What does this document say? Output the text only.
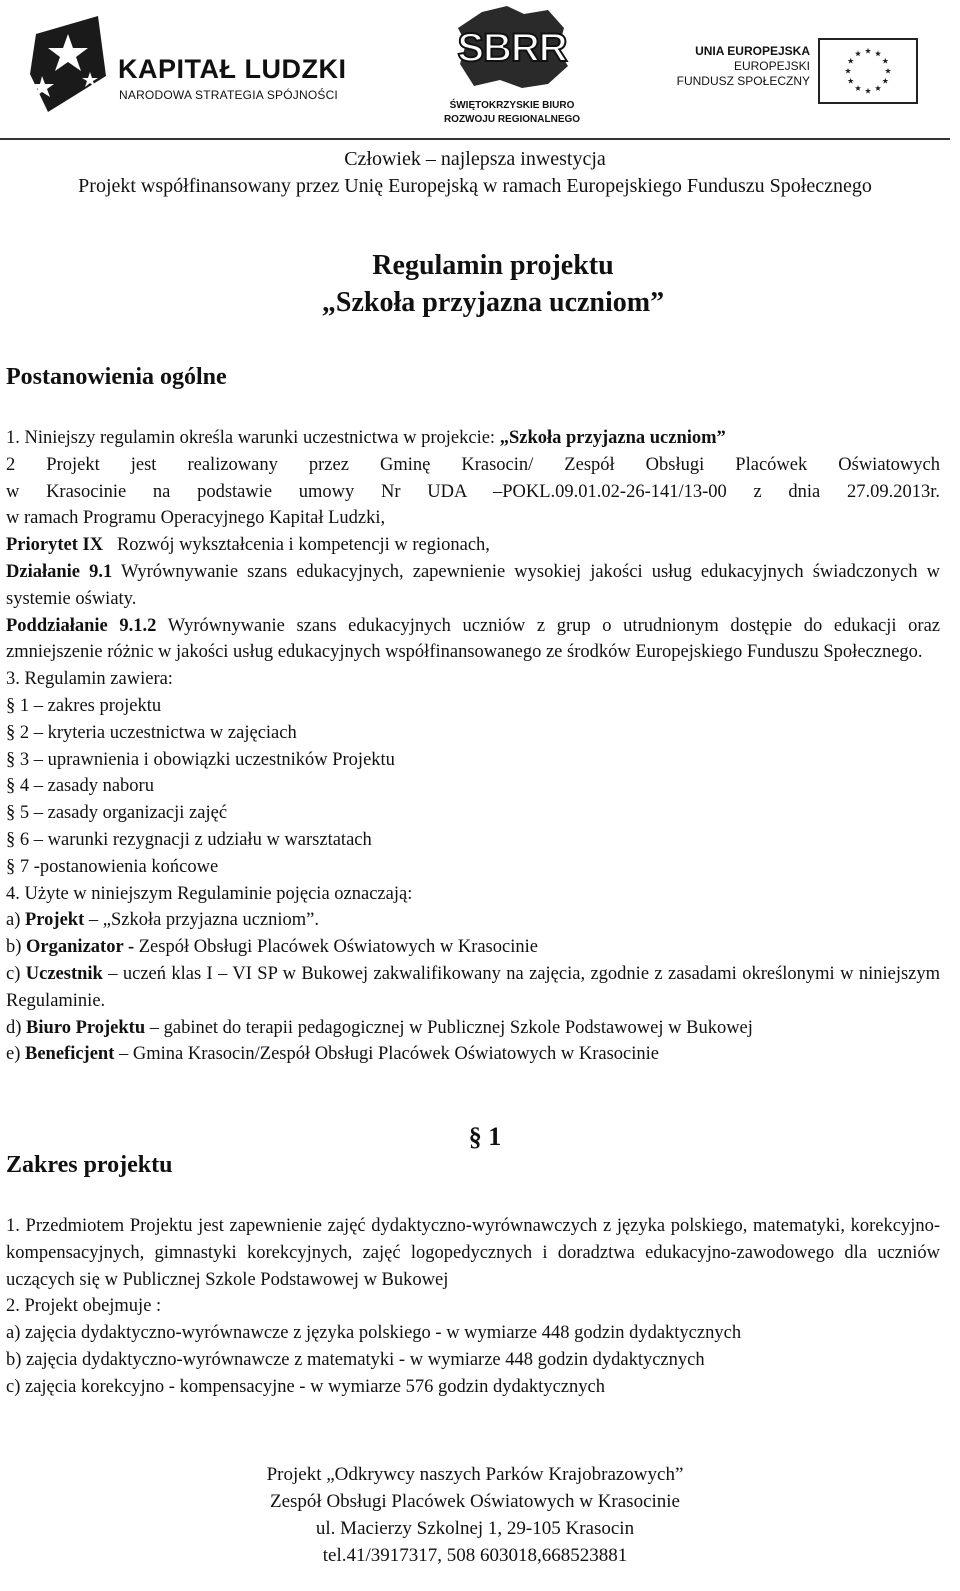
KAPITAŁ LUDZKI
NARODOWA STRATEGIA SPÓJNOŚCI
SBRR
ŚWIĘTOKRZYSKIE BIURO
ROZWOJU REGIONALNEGO
UNIA EUROPEJSKA
EUROPEJSKI
FUNDUSZ SPOŁECZNY
Człowiek – najlepsza inwestycja
Projekt współfinansowany przez Unię Europejską w ramach Europejskiego Funduszu Społecznego
Regulamin projektu
„Szkoła przyjazna uczniom”
Postanowienia ogólne

1. Niniejszy regulamin określa warunki uczestnictwa w projekcie: „Szkoła przyjazna uczniom”

2 Projekt jest realizowany przez Gminę Krasocin/ Zespół Obsługi Placówek Oświatowych

w Krasocinie na podstawie umowy Nr UDA –POKL.09.01.02-26-141/13-00 z dnia 27.09.2013r.

w ramach Programu Operacyjnego Kapitał Ludzki,

Priorytet IX Rozwój wykształcenia i kompetencji w regionach,

Działanie 9.1 Wyrównywanie szans edukacyjnych, zapewnienie wysokiej jakości usług edukacyjnych świadczonych w systemie oświaty.

Poddziałanie 9.1.2 Wyrównywanie szans edukacyjnych uczniów z grup o utrudnionym dostępie do edukacji oraz zmniejszenie różnic w jakości usług edukacyjnych współfinansowanego ze środków Europejskiego Funduszu Społecznego.

3. Regulamin zawiera:

§ 1 – zakres projektu

§ 2 – kryteria uczestnictwa w zajęciach

§ 3 – uprawnienia i obowiązki uczestników Projektu

§ 4 – zasady naboru

§ 5 – zasady organizacji zajęć

§ 6 – warunki rezygnacji z udziału w warsztatach

§ 7 -postanowienia końcowe

4. Użyte w niniejszym Regulaminie pojęcia oznaczają:

a) Projekt – „Szkoła przyjazna uczniom”.

b) Organizator - Zespół Obsługi Placówek Oświatowych w Krasocinie

c) Uczestnik – uczeń klas I – VI SP w Bukowej zakwalifikowany na zajęcia, zgodnie z zasadami określonymi w niniejszym Regulaminie.

d) Biuro Projektu – gabinet do terapii pedagogicznej w Publicznej Szkole Podstawowej w Bukowej

e) Beneficjent – Gmina Krasocin/Zespół Obsługi Placówek Oświatowych w Krasocinie

§ 1
Zakres projektu

1. Przedmiotem Projektu jest zapewnienie zajęć dydaktyczno-wyrównawczych z języka polskiego, matematyki, korekcyjno- kompensacyjnych, gimnastyki korekcyjnych, zajęć logopedycznych i doradztwa edukacyjno-zawodowego dla uczniów uczących się w Publicznej Szkole Podstawowej w Bukowej

2. Projekt obejmuje :

a) zajęcia dydaktyczno-wyrównawcze z języka polskiego - w wymiarze 448 godzin dydaktycznych

b) zajęcia dydaktyczno-wyrównawcze z matematyki - w wymiarze 448 godzin dydaktycznych

c) zajęcia korekcyjno - kompensacyjne - w wymiarze 576 godzin dydaktycznych

Projekt „Odkrywcy naszych Parków Krajobrazowych”
Zespół Obsługi Placówek Oświatowych w Krasocinie
ul. Macierzy Szkolnej 1, 29-105 Krasocin
tel.41/3917317, 508 603018,668523881
